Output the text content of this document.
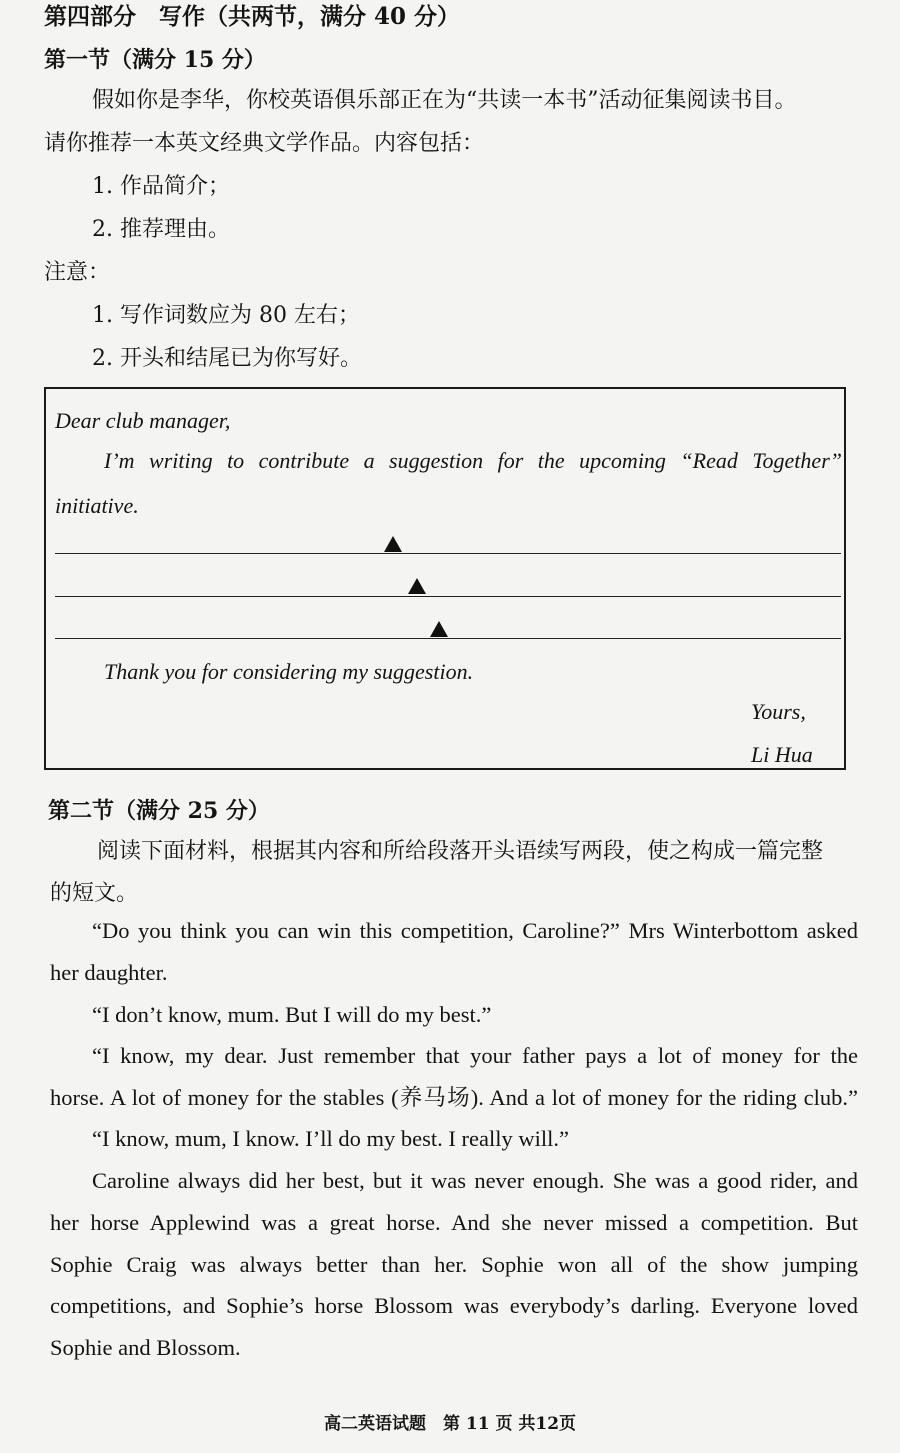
第四部分　写作（共两节，满分 40 分）
第一节（满分 15 分）
假如你是李华，你校英语俱乐部正在为“共读一本书”活动征集阅读书目。
请你推荐一本英文经典文学作品。内容包括：
1. 作品简介；
2. 推荐理由。
注意：
1. 写作词数应为 80 左右；
2. 开头和结尾已为你写好。
Dear club manager,
I’m writing to contribute a suggestion for the upcoming “Read Together”
initiative.
Thank you for considering my suggestion.
Yours,
Li Hua
第二节（满分 25 分）
阅读下面材料，根据其内容和所给段落开头语续写两段，使之构成一篇完整
的短文。
“Do you think you can win this competition, Caroline?” Mrs Winterbottom asked
her daughter.
“I don’t know, mum. But I will do my best.”
“I know, my dear. Just remember that your father pays a lot of money for the
horse. A lot of money for the stables (养马场). And a lot of money for the riding club.”
“I know, mum, I know. I’ll do my best. I really will.”
Caroline always did her best, but it was never enough. She was a good rider, and
her horse Applewind was a great horse. And she never missed a competition. But
Sophie Craig was always better than her. Sophie won all of the show jumping
competitions, and Sophie’s horse Blossom was everybody’s darling. Everyone loved
Sophie and Blossom.
高二英语试题　第 11 页 共12页
